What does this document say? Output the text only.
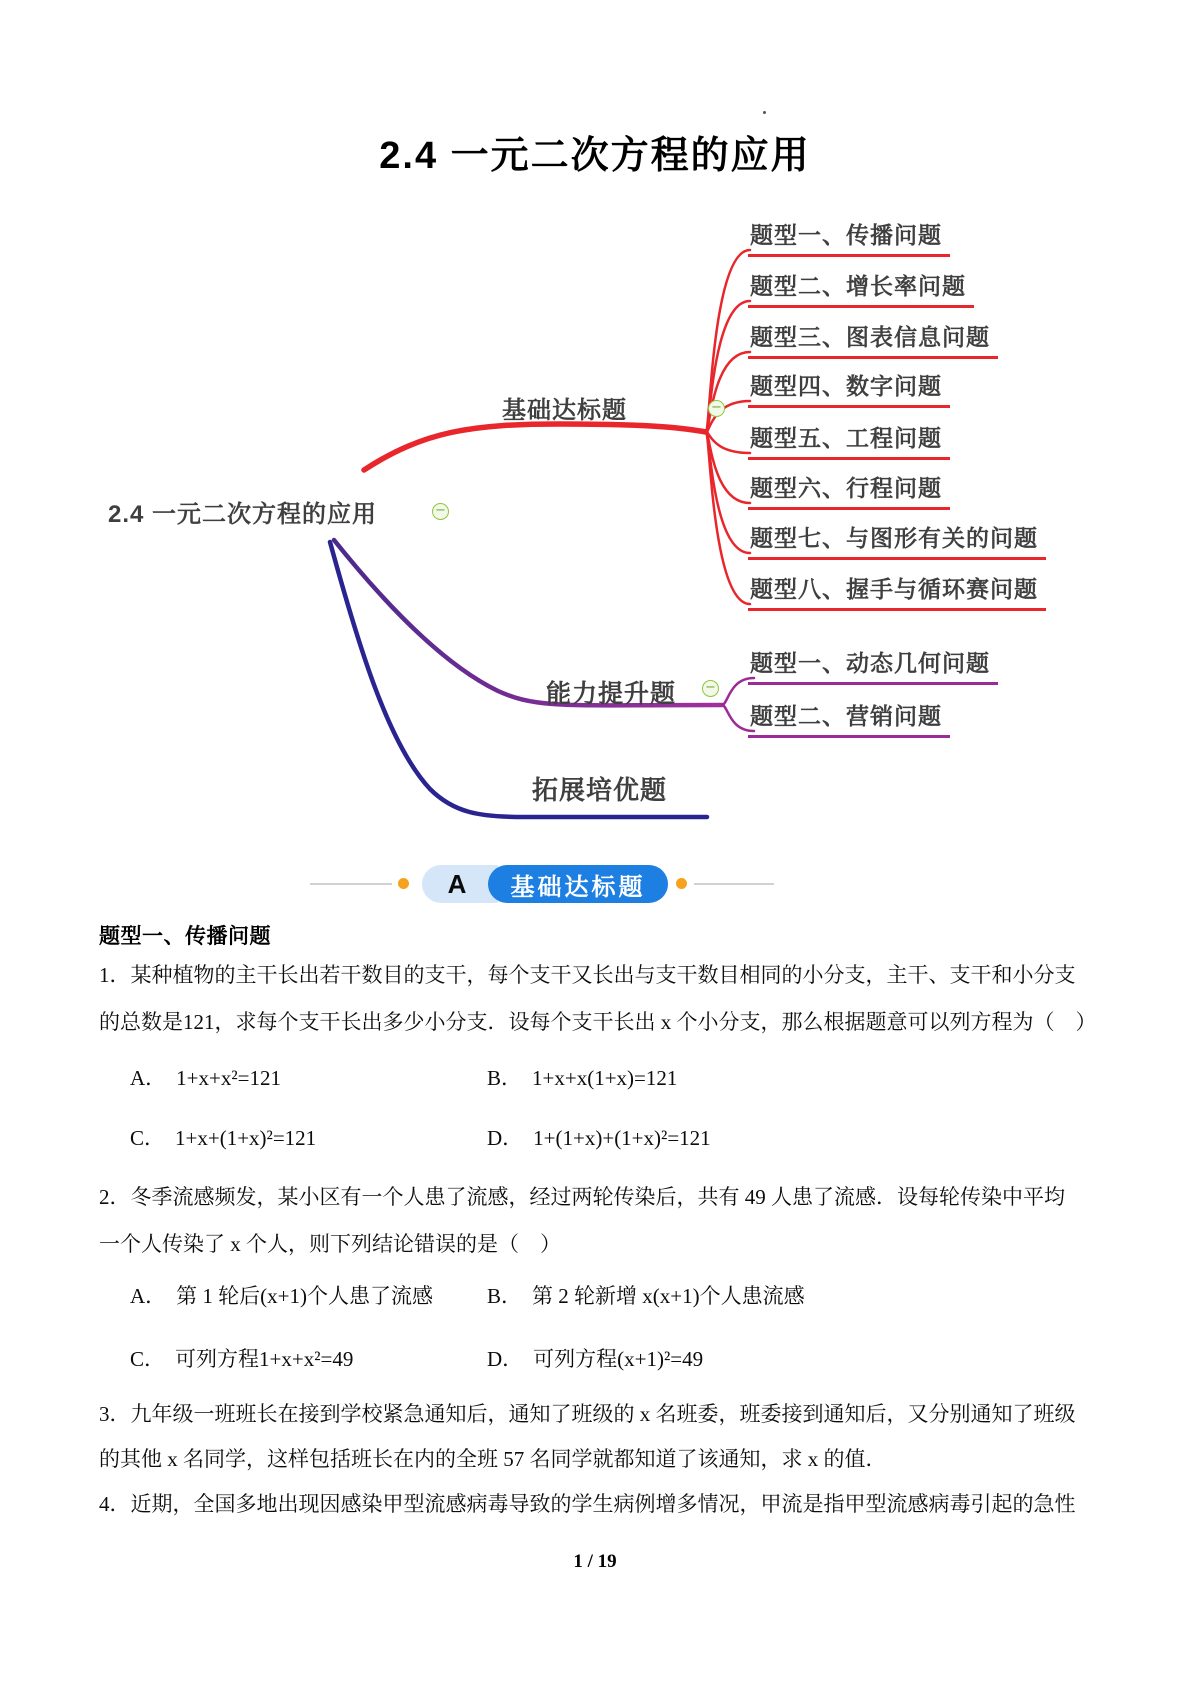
2.4 一元二次方程的应用
2.4 一元二次方程的应用	−
基础达标题	−
题型一、传播问题
题型二、增长率问题
题型三、图表信息问题
题型四、数字问题
题型五、工程问题
题型六、行程问题
题型七、与图形有关的问题
题型八、握手与循环赛问题
能力提升题 −
题型一、动态几何问题
题型二、营销问题
拓展培优题
A	基础达标题
题型一、传播问题
1．某种植物的主干长出若干数目的支干，每个支干又长出与支干数目相同的小分支，主干、支干和小分支
的总数是121，求每个支干长出多少小分支．设每个支干长出 x 个小分支，那么根据题意可以列方程为（　）
A． 1+x+x²=121	B． 1+x+x(1+x)=121
C． 1+x+(1+x)²=121	D． 1+(1+x)+(1+x)²=121
2．冬季流感频发，某小区有一个人患了流感，经过两轮传染后，共有 49 人患了流感．设每轮传染中平均
一个人传染了 x 个人，则下列结论错误的是（　）
A． 第 1 轮后(x+1)个人患了流感	B． 第 2 轮新增 x(x+1)个人患流感
C． 可列方程1+x+x²=49	D． 可列方程(x+1)²=49
3．九年级一班班长在接到学校紧急通知后，通知了班级的 x 名班委，班委接到通知后，又分别通知了班级
的其他 x 名同学，这样包括班长在内的全班 57 名同学就都知道了该通知，求 x 的值．
4．近期，全国多地出现因感染甲型流感病毒导致的学生病例增多情况，甲流是指甲型流感病毒引起的急性
1 / 19
